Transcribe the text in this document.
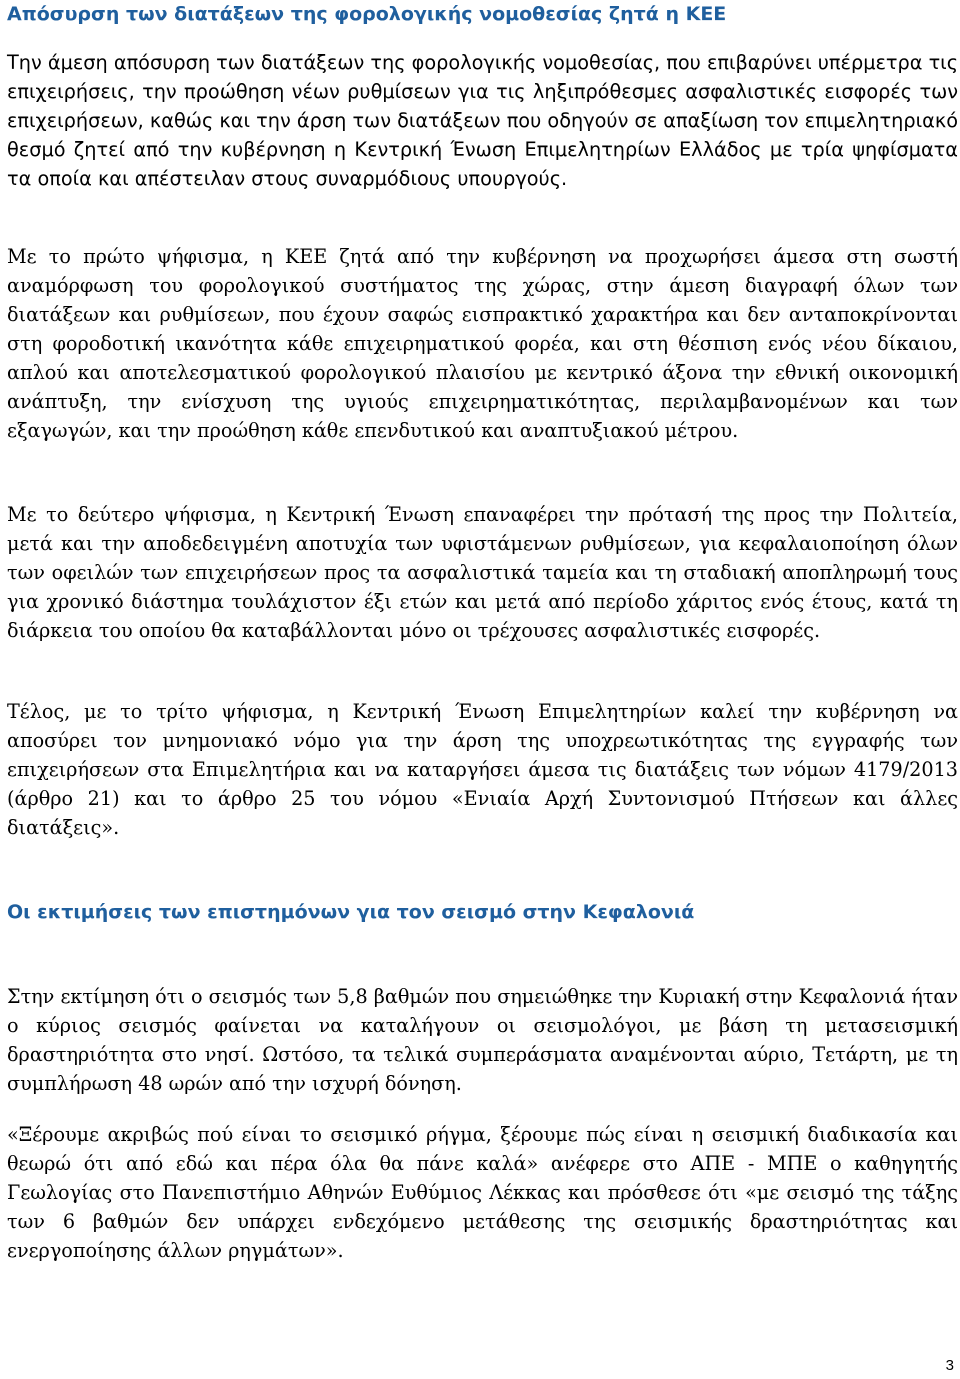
Απόσυρση των διατάξεων της φορολογικής νομοθεσίας ζητά η ΚΕΕ

Την άμεση απόσυρση των διατάξεων της φορολογικής νομοθεσίας, που επιβαρύνει υπέρμετρα τις επιχειρήσεις, την προώθηση νέων ρυθμίσεων για τις ληξιπρόθεσμες ασφαλιστικές εισφορές των επιχειρήσεων, καθώς και την άρση των διατάξεων που οδηγούν σε απαξίωση τον επιμελητηριακό θεσμό ζητεί από την κυβέρνηση η Κεντρική Ένωση Επιμελητηρίων Ελλάδος με τρία ψηφίσματα τα οποία και απέστειλαν στους συναρμόδιους υπουργούς.

Με το πρώτο ψήφισμα, η ΚΕΕ ζητά από την κυβέρνηση να προχωρήσει άμεσα στη σωστή αναμόρφωση του φορολογικού συστήματος της χώρας, στην άμεση διαγραφή όλων των διατάξεων και ρυθμίσεων, που έχουν σαφώς εισπρακτικό χαρακτήρα και δεν ανταποκρίνονται στη φοροδοτική ικανότητα κάθε επιχειρηματικού φορέα, και στη θέσπιση ενός νέου δίκαιου, απλού και αποτελεσματικού φορολογικού πλαισίου με κεντρικό άξονα την εθνική οικονομική ανάπτυξη, την ενίσχυση της υγιούς επιχειρηματικότητας, περιλαμβανομένων και των εξαγωγών, και την προώθηση κάθε επενδυτικού και αναπτυξιακού μέτρου.

Με το δεύτερο ψήφισμα, η Κεντρική Ένωση επαναφέρει την πρότασή της προς την Πολιτεία, μετά και την αποδεδειγμένη αποτυχία των υφιστάμενων ρυθμίσεων, για κεφαλαιοποίηση όλων των οφειλών των επιχειρήσεων προς τα ασφαλιστικά ταμεία και τη σταδιακή αποπληρωμή τους για χρονικό διάστημα τουλάχιστον έξι ετών και μετά από περίοδο χάριτος ενός έτους, κατά τη διάρκεια του οποίου θα καταβάλλονται μόνο οι τρέχουσες ασφαλιστικές εισφορές.

Τέλος, με το τρίτο ψήφισμα, η Κεντρική Ένωση Επιμελητηρίων καλεί την κυβέρνηση να αποσύρει τον μνημονιακό νόμο για την άρση της υποχρεωτικότητας της εγγραφής των επιχειρήσεων στα Επιμελητήρια και να καταργήσει άμεσα τις διατάξεις των νόμων 4179/2013 (άρθρο 21) και το άρθρο 25 του νόμου «Ενιαία Αρχή Συντονισμού Πτήσεων και άλλες διατάξεις».

Οι εκτιμήσεις των επιστημόνων για τον σεισμό στην Κεφαλονιά

Στην εκτίμηση ότι ο σεισμός των 5,8 βαθμών που σημειώθηκε την Κυριακή στην Κεφαλονιά ήταν ο κύριος σεισμός φαίνεται να καταλήγουν οι σεισμολόγοι, με βάση τη μετασεισμική δραστηριότητα στο νησί. Ωστόσο, τα τελικά συμπεράσματα αναμένονται αύριο, Τετάρτη, με τη συμπλήρωση 48 ωρών από την ισχυρή δόνηση.

«Ξέρουμε ακριβώς πού είναι το σεισμικό ρήγμα, ξέρουμε πώς είναι η σεισμική διαδικασία και θεωρώ ότι από εδώ και πέρα όλα θα πάνε καλά» ανέφερε στο ΑΠΕ - ΜΠΕ ο καθηγητής Γεωλογίας στο Πανεπιστήμιο Αθηνών Ευθύμιος Λέκκας και πρόσθεσε ότι «με σεισμό της τάξης των 6 βαθμών δεν υπάρχει ενδεχόμενο μετάθεσης της σεισμικής δραστηριότητας και ενεργοποίησης άλλων ρηγμάτων».

3
